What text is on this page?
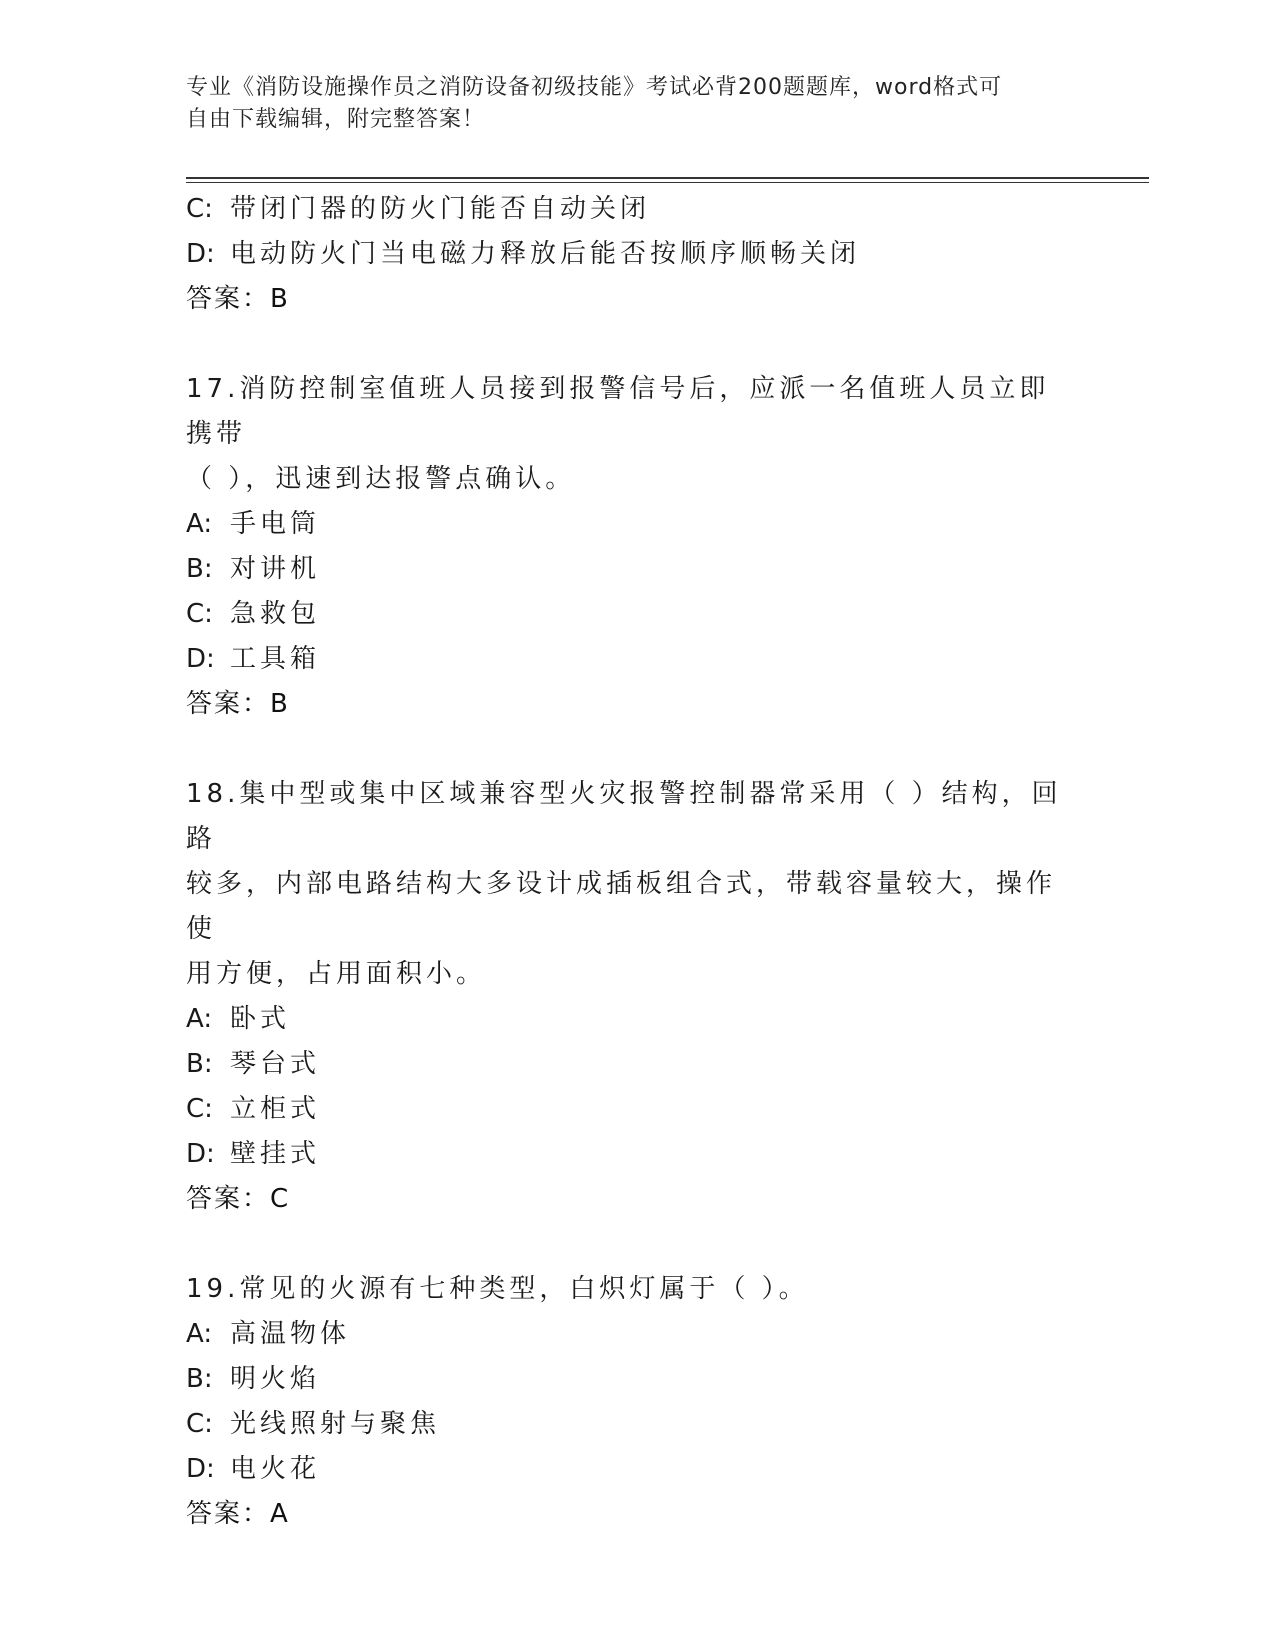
专业《消防设施操作员之消防设备初级技能》考试必背200题题库，word格式可
自由下载编辑，附完整答案！
C: 带闭门器的防火门能否自动关闭
D: 电动防火门当电磁力释放后能否按顺序顺畅关闭
答案：B
17.消防控制室值班人员接到报警信号后，应派一名值班人员立即携带
（ ），迅速到达报警点确认。
A: 手电筒
B: 对讲机
C: 急救包
D: 工具箱
答案：B
18.集中型或集中区域兼容型火灾报警控制器常采用（ ）结构，回路
较多，内部电路结构大多设计成插板组合式，带载容量较大，操作使
用方便，占用面积小。
A: 卧式
B: 琴台式
C: 立柜式
D: 壁挂式
答案：C
19.常见的火源有七种类型，白炽灯属于（ ）。
A: 高温物体
B: 明火焰
C: 光线照射与聚焦
D: 电火花
答案：A
